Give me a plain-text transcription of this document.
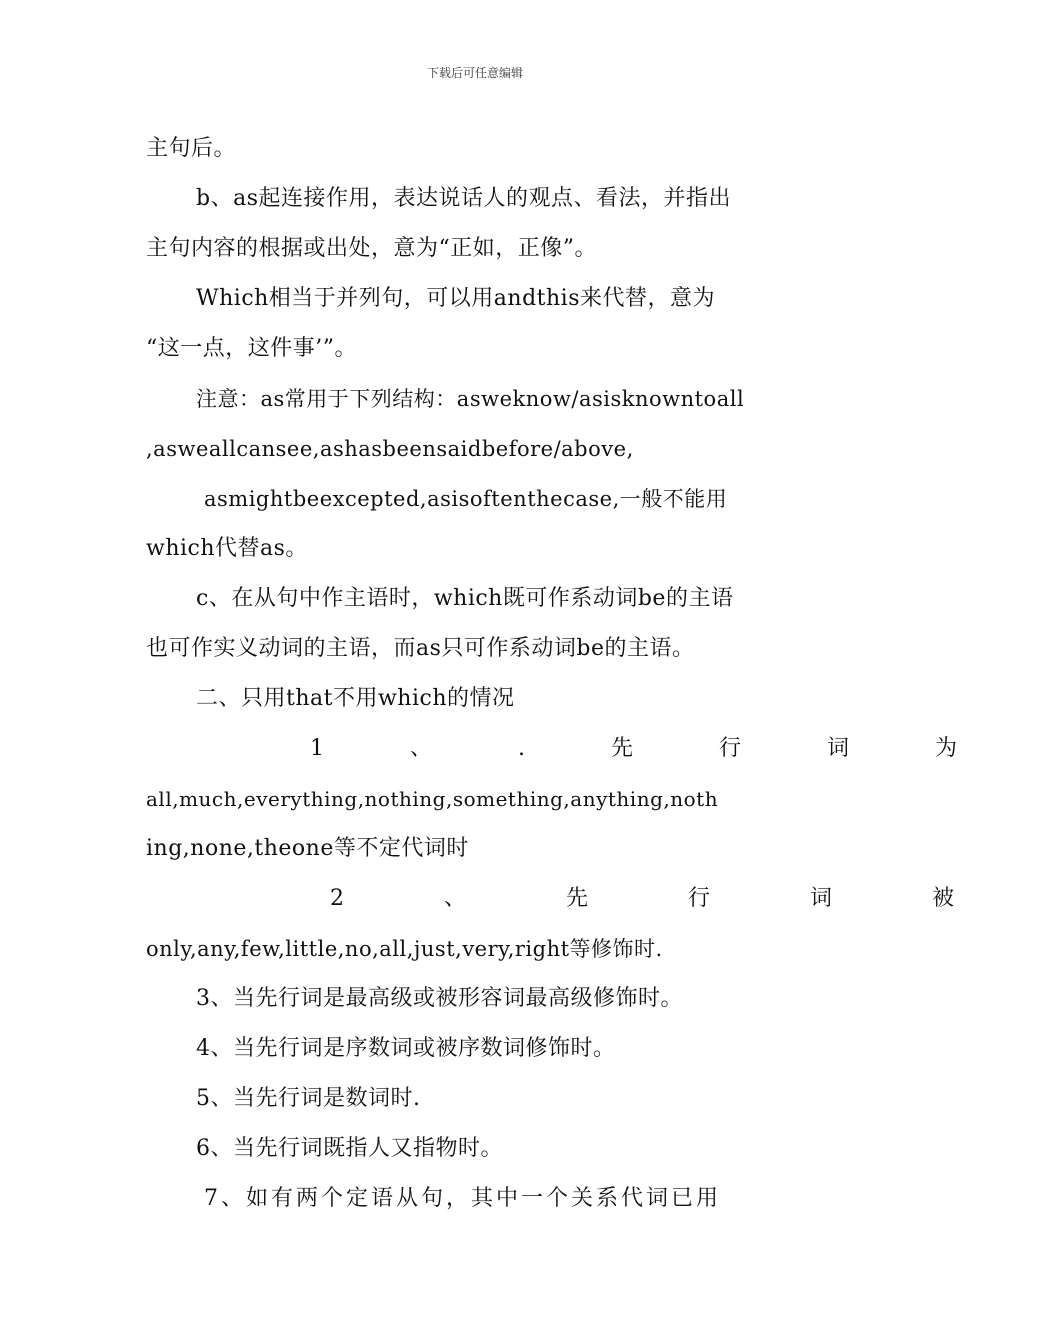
下载后可任意编辑
主句后。
b、as起连接作用，表达说话人的观点、看法，并指出
主句内容的根据或出处，意为“正如，正像”。
Which相当于并列句，可以用andthis来代替，意为
“这一点，这件事’”。
注意：as常用于下列结构：asweknow/asisknowntoall
,asweallcansee,ashasbeensaidbefore/above,
asmightbeexcepted,asisoftenthecase,一般不能用
which代替as。
c、在从句中作主语时，which既可作系动词be的主语
也可作实义动词的主语，而as只可作系动词be的主语。
二、只用that不用which的情况
1、.先行词为
all,much,everything,nothing,something,anything,noth
ing,none,theone等不定代词时
2、先行词被
only,any,few,little,no,all,just,very,right等修饰时.
3、当先行词是最高级或被形容词最高级修饰时。
4、当先行词是序数词或被序数词修饰时。
5、当先行词是数词时.
6、当先行词既指人又指物时。
7、如有两个定语从句，其中一个关系代词已用
